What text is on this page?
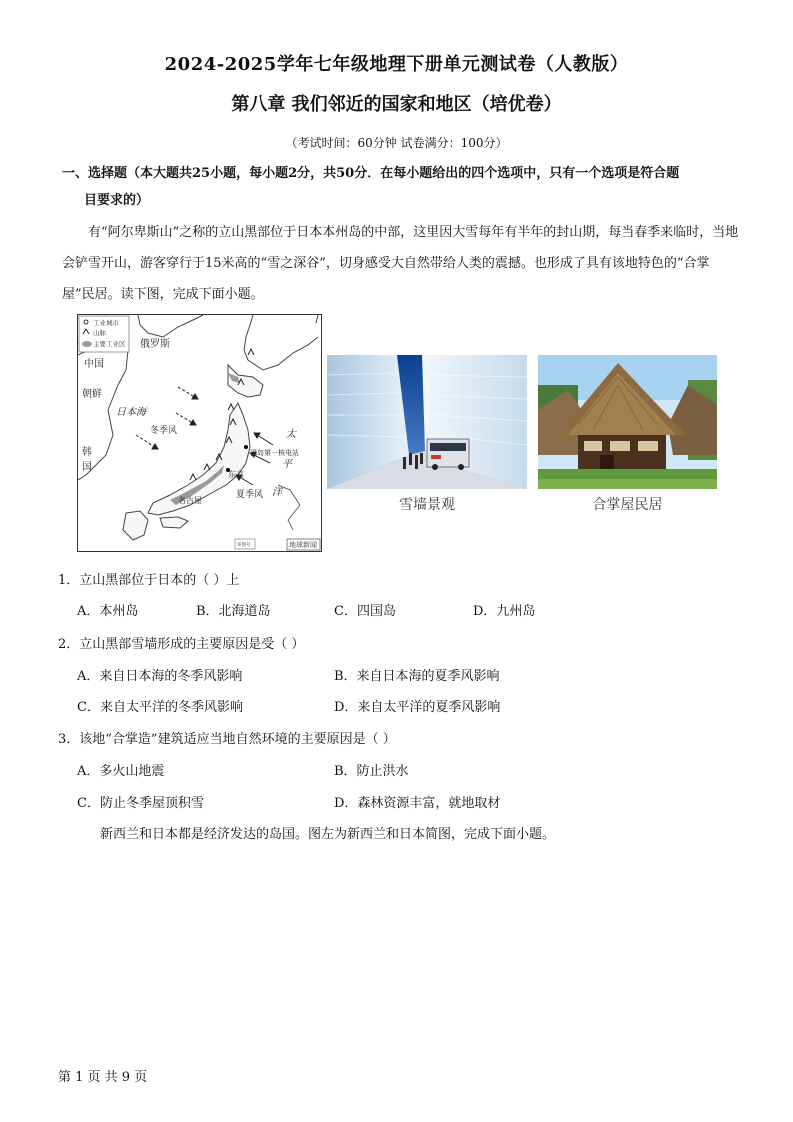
2024-2025学年七年级地理下册单元测试卷（人教版）
第八章 我们邻近的国家和地区（培优卷）
（考试时间：60分钟 试卷满分：100分）
一、选择题（本大题共25小题，每小题2分，共50分．在每小题给出的四个选项中，只有一个选项是符合题
目要求的）
有“阿尔卑斯山”之称的立山黑部位于日本本州岛的中部，这里因大雪每年有半年的封山期，每当春季来临时，当地会铲雪开山，游客穿行于15米高的“雪之深谷”，切身感受大自然带给人类的震撼。也形成了具有该地特色的“合掌屋”民居。读下图，完成下面小题。
工业城市
山脉
主要工业区 俄罗斯
中国
朝鲜
韩
国
日本海
冬季风
夏季风
福岛第一核电站
东京
名古屋
太
平
洋
审图号	地球新闻
雪墙景观	合掌屋民居
1．立山黑部位于日本的（ ）上
A．本州岛	B．北海道岛	C．四国岛	D．九州岛
2．立山黑部雪墙形成的主要原因是受（ ）
A．来自日本海的冬季风影响	B．来自日本海的夏季风影响
C．来自太平洋的冬季风影响	D．来自太平洋的夏季风影响
3．该地“合掌造”建筑适应当地自然环境的主要原因是（ ）
A．多火山地震	B．防止洪水
C．防止冬季屋顶积雪	D．森林资源丰富，就地取材
新西兰和日本都是经济发达的岛国。图左为新西兰和日本简图，完成下面小题。
第 1 页 共 9 页
